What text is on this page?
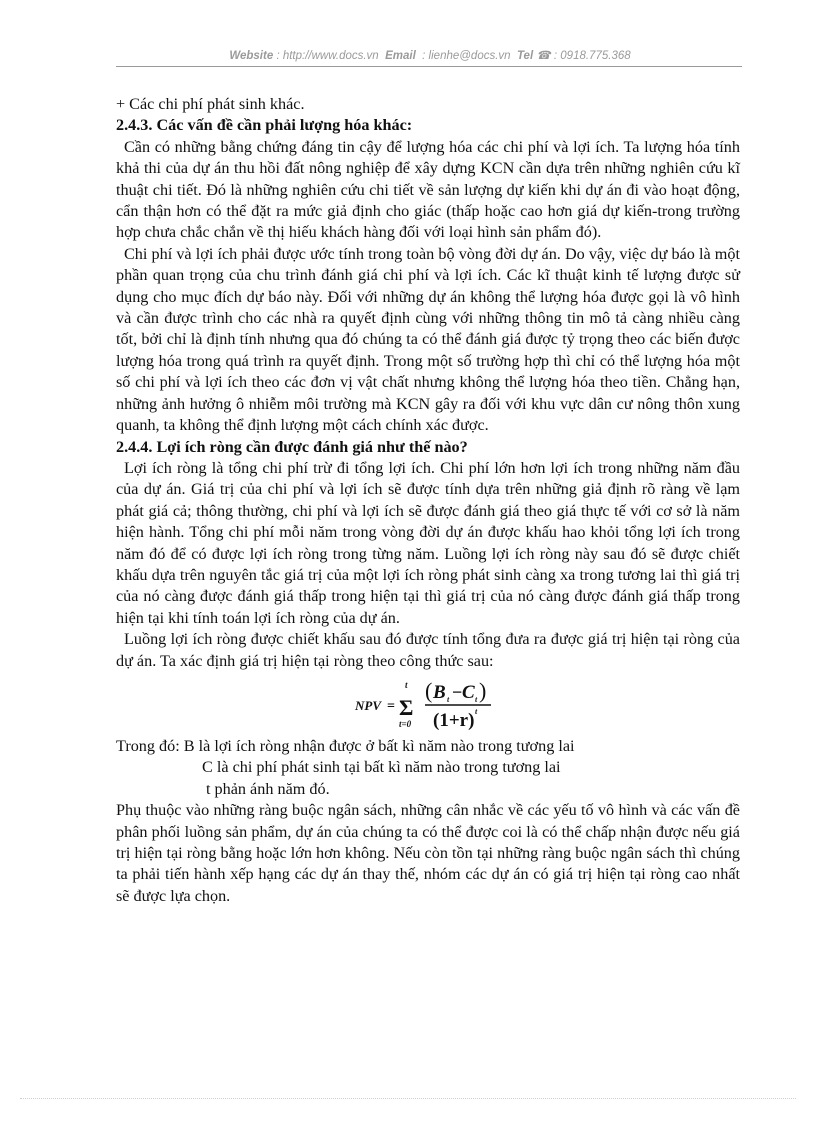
Website : http://www.docs.vn Email : lienhe@docs.vn Tel ☎ : 0918.775.368

+ Các chi phí phát sinh khác.

2.4.3. Các vấn đề cần phải lượng hóa khác:

Cần có những bằng chứng đáng tin cậy để lượng hóa các chi phí và lợi ích. Ta lượng hóa tính khả thi của dự án thu hồi đất nông nghiệp để xây dựng KCN cần dựa trên những nghiên cứu kĩ thuật chi tiết. Đó là những nghiên cứu chi tiết về sản lượng dự kiến khi dự án đi vào hoạt động, cẩn thận hơn có thể đặt ra mức giả định cho giác (thấp hoặc cao hơn giá dự kiến-trong trường hợp chưa chắc chắn về thị hiếu khách hàng đối với loại hình sản phẩm đó).

Chi phí và lợi ích phải được ước tính trong toàn bộ vòng đời dự án. Do vậy, việc dự báo là một phần quan trọng của chu trình đánh giá chi phí và lợi ích. Các kĩ thuật kinh tế lượng được sử dụng cho mục đích dự báo này. Đối với những dự án không thể lượng hóa được gọi là vô hình và cần được trình cho các nhà ra quyết định cùng với những thông tin mô tả càng nhiều càng tốt, bởi chỉ là định tính nhưng qua đó chúng ta có thể đánh giá được tỷ trọng theo các biến được lượng hóa trong quá trình ra quyết định. Trong một số trường hợp thì chỉ có thể lượng hóa một số chi phí và lợi ích theo các đơn vị vật chất nhưng không thể lượng hóa theo tiền. Chẳng hạn, những ảnh hưởng ô nhiễm môi trường mà KCN gây ra đối với khu vực dân cư nông thôn xung quanh, ta không thể định lượng một cách chính xác được.

2.4.4. Lợi ích ròng cần được đánh giá như thế nào?

Lợi ích ròng là tổng chi phí trừ đi tổng lợi ích. Chi phí lớn hơn lợi ích trong những năm đầu của dự án. Giá trị của chi phí và lợi ích sẽ được tính dựa trên những giả định rõ ràng về lạm phát giá cả; thông thường, chi phí và lợi ích sẽ được đánh giá theo giá thực tế với cơ sở là năm hiện hành. Tổng chi phí mỗi năm trong vòng đời dự án được khấu hao khỏi tổng lợi ích trong năm đó để có được lợi ích ròng trong từng năm. Luồng lợi ích ròng này sau đó sẽ được chiết khấu dựa trên nguyên tắc giá trị của một lợi ích ròng phát sinh càng xa trong tương lai thì giá trị của nó càng được đánh giá thấp trong hiện tại thì giá trị của nó càng được đánh giá thấp trong hiện tại khi tính toán lợi ích ròng của dự án.

Luồng lợi ích ròng được chiết khấu sau đó được tính tổng đưa ra được giá trị hiện tại ròng của dự án. Ta xác định giá trị hiện tại ròng theo công thức sau:

NPV = Σ
t
t=0
( B t − C t )
(1+r) t

Trong đó: B là lợi ích ròng nhận được ở bất kì năm nào trong tương lai

C là chi phí phát sinh tại bất kì năm nào trong tương lai

t phản ánh năm đó.

Phụ thuộc vào những ràng buộc ngân sách, những cân nhắc về các yếu tố vô hình và các vấn đề phân phối luồng sản phẩm, dự án của chúng ta có thể được coi là có thể chấp nhận được nếu giá trị hiện tại ròng bằng hoặc lớn hơn không. Nếu còn tồn tại những ràng buộc ngân sách thì chúng ta phải tiến hành xếp hạng các dự án thay thế, nhóm các dự án có giá trị hiện tại ròng cao nhất sẽ được lựa chọn.
